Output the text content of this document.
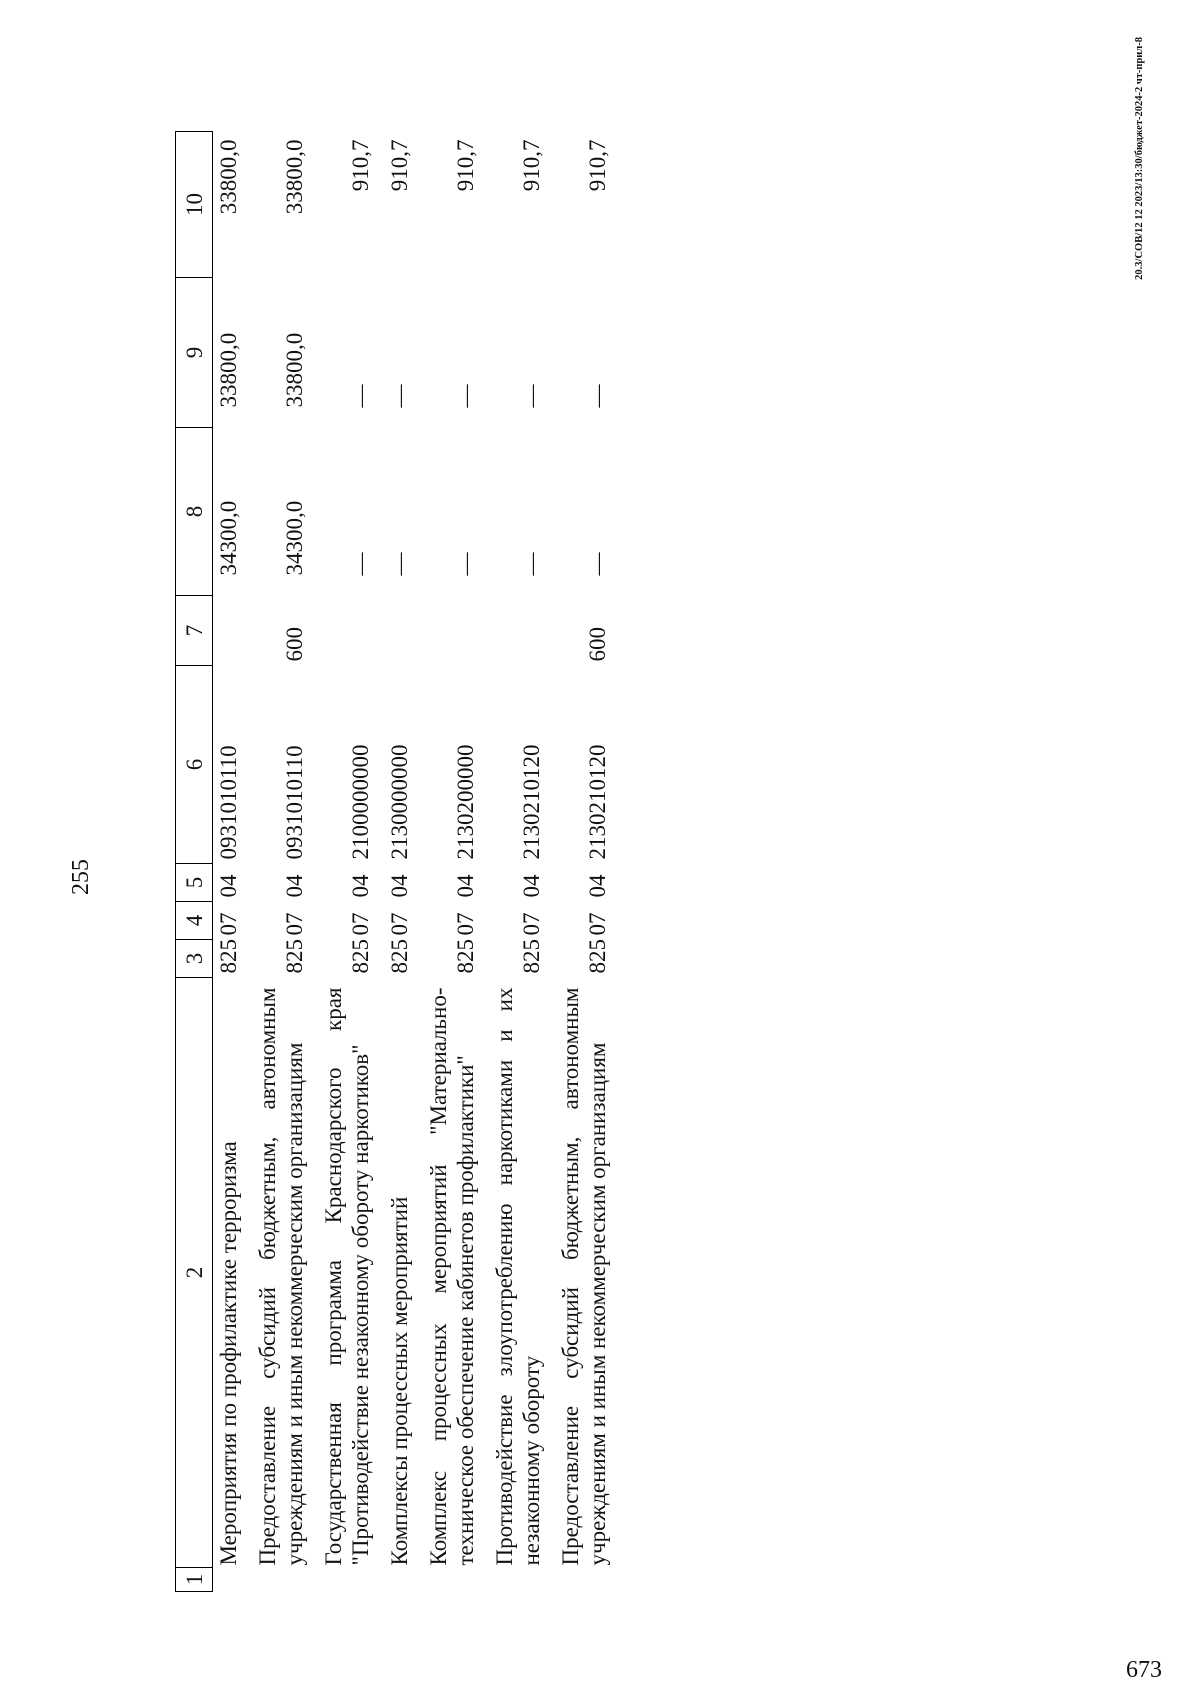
255
1	2	3	4	5	6	7	8	9	10
	Мероприятия по профилактике терроризма	825	07	04	0931010110		34300,0	33800,0	33800,0
	Предоставление субсидий бюджетным, автономным учреждениям и иным некоммерческим организациям	825	07	04	0931010110	600	34300,0	33800,0	33800,0
	Государственная программа Краснодарского края "Противодействие незаконному обороту наркотиков"	825	07	04	2100000000		—	—	910,7
	Комплексы процессных мероприятий	825	07	04	2130000000		—	—	910,7
	Комплекс процессных мероприятий "Материально-техническое обеспечение кабинетов профилактики"	825	07	04	2130200000		—	—	910,7
	Противодействие злоупотреблению наркотиками и их незаконному обороту	825	07	04	2130210120		—	—	910,7
	Предоставление субсидий бюджетным, автономным учреждениям и иным некоммерческим организациям	825	07	04	2130210120	600	—	—	910,7	20.3/СОВ/12 12 2023/13:30/бюджет-2024-2 чт-прил-8
673
